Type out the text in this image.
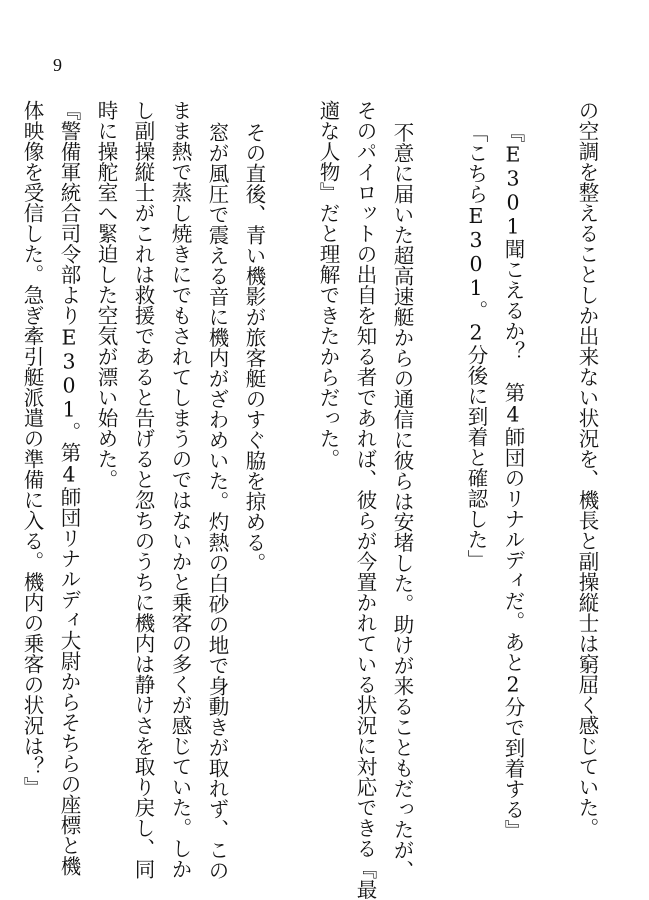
9
の空調を整えることしか出来ない状況を、機長と副操縦士は窮屈く感じていた。
『E301聞こえるか？　第4師団のリナルディだ。あと2分で到着する』
「こちらE301。2分後に到着と確認した」
不意に届いた超高速艇からの通信に彼らは安堵した。助けが来ることもだったが、
そのパイロットの出自を知る者であれば、彼らが今置かれている状況に対応できる『最
適な人物』だと理解できたからだった。
その直後、青い機影が旅客艇のすぐ脇を掠める。
窓が風圧で震える音に機内がざわめいた。灼熱の白砂の地で身動きが取れず、この
まま熱で蒸し焼きにでもされてしまうのではないかと乗客の多くが感じていた。しか
し副操縦士がこれは救援であると告げると忽ちのうちに機内は静けさを取り戻し、同
時に操舵室へ緊迫した空気が漂い始めた。
『警備軍統合司令部よりE301。第4師団リナルディ大尉からそちらの座標と機
体映像を受信した。急ぎ牽引艇派遣の準備に入る。機内の乗客の状況は？』
